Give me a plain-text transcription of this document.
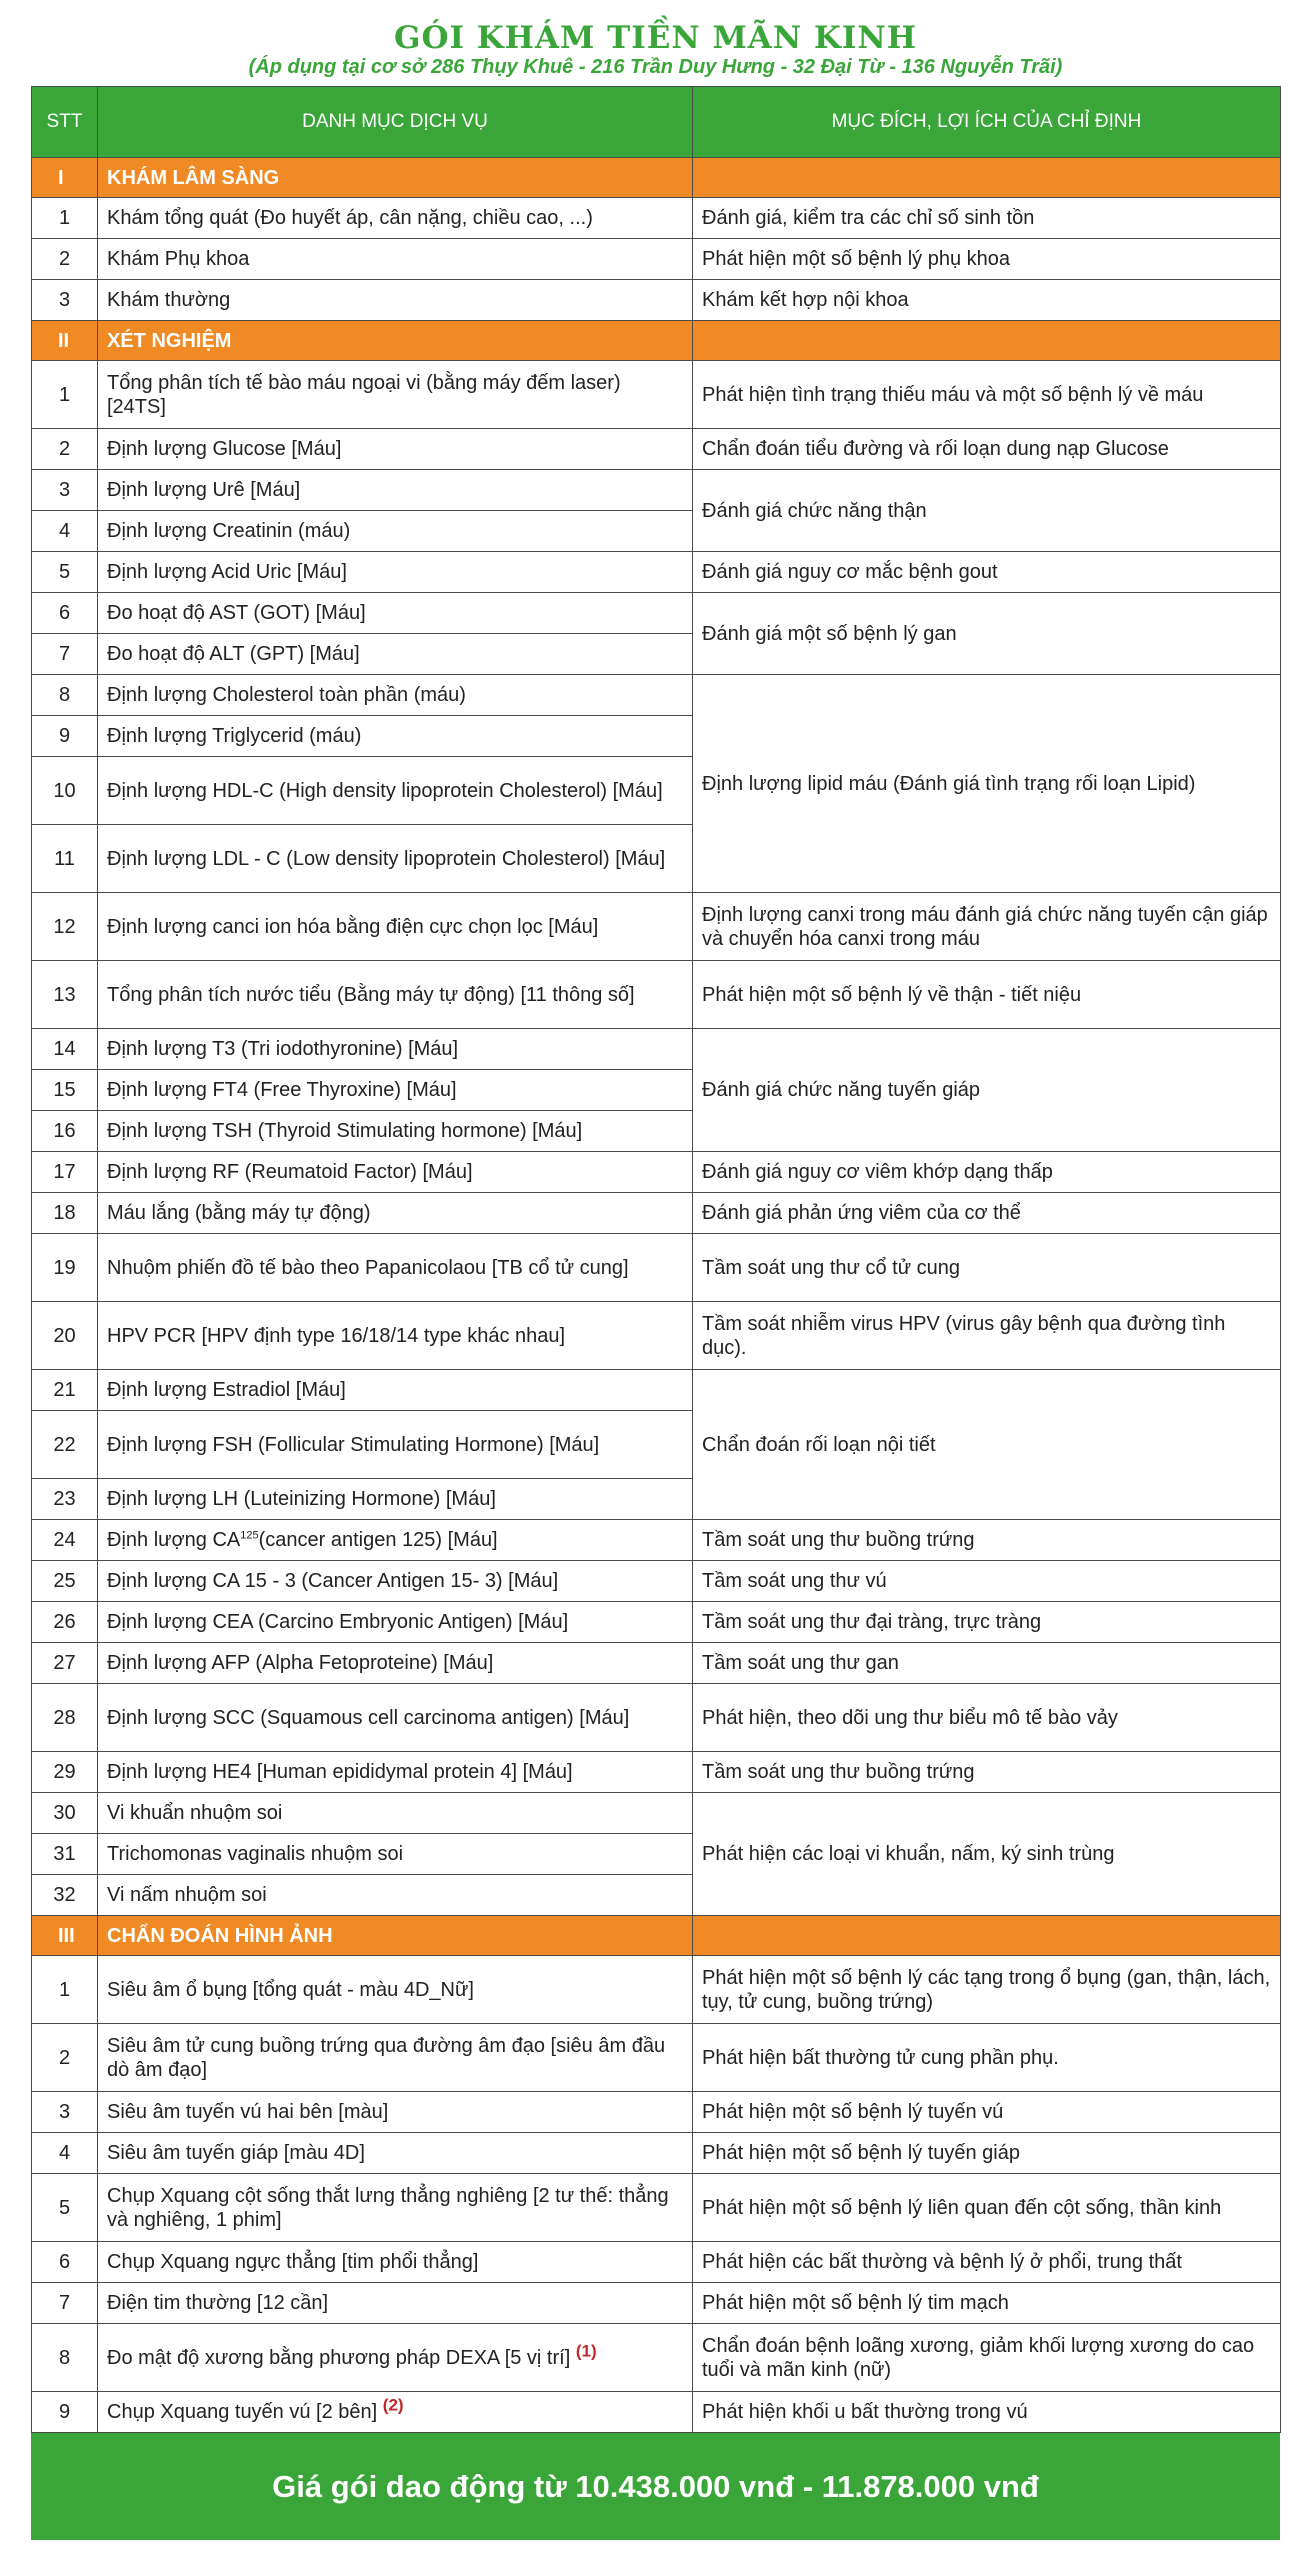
GÓI KHÁM TIỀN MÃN KINH
(Áp dụng tại cơ sở 286 Thụy Khuê - 216 Trần Duy Hưng - 32 Đại Từ - 136 Nguyễn Trãi)
STT	DANH MỤC DỊCH VỤ	MỤC ĐÍCH, LỢI ÍCH CỦA CHỈ ĐỊNH
I	KHÁM LÂM SÀNG	
1	Khám tổng quát (Đo huyết áp, cân nặng, chiều cao, ...)	Đánh giá, kiểm tra các chỉ số sinh tồn
2	Khám Phụ khoa	Phát hiện một số bệnh lý phụ khoa
3	Khám thường	Khám kết hợp nội khoa
II	XÉT NGHIỆM	
1	Tổng phân tích tế bào máu ngoại vi (bằng máy đếm laser) [24TS]	Phát hiện tình trạng thiếu máu và một số bệnh lý về máu
2	Định lượng Glucose [Máu]	Chẩn đoán tiểu đường và rối loạn dung nạp Glucose
3	Định lượng Urê [Máu]	Đánh giá chức năng thận
4	Định lượng Creatinin (máu)	
5	Định lượng Acid Uric [Máu]	Đánh giá nguy cơ mắc bệnh gout
6	Đo hoạt độ AST (GOT) [Máu]	Đánh giá một số bệnh lý gan
7	Đo hoạt độ ALT (GPT) [Máu]	
8	Định lượng Cholesterol toàn phần (máu)	Định lượng lipid máu (Đánh giá tình trạng rối loạn Lipid)
9	Định lượng Triglycerid (máu)	
10	Định lượng HDL-C (High density lipoprotein Cholesterol) [Máu]	
11	Định lượng LDL - C (Low density lipoprotein Cholesterol) [Máu]	
12	Định lượng canci ion hóa bằng điện cực chọn lọc [Máu]	Định lượng canxi trong máu đánh giá chức năng tuyến cận giáp và chuyển hóa canxi trong máu
13	Tổng phân tích nước tiểu (Bằng máy tự động) [11 thông số]	Phát hiện một số bệnh lý về thận - tiết niệu
14	Định lượng T3 (Tri iodothyronine) [Máu]	Đánh giá chức năng tuyến giáp
15	Định lượng FT4 (Free Thyroxine) [Máu]	
16	Định lượng TSH (Thyroid Stimulating hormone) [Máu]	
17	Định lượng RF (Reumatoid Factor) [Máu]	Đánh giá nguy cơ viêm khớp dạng thấp
18	Máu lắng (bằng máy tự động)	Đánh giá phản ứng viêm của cơ thể
19	Nhuộm phiến đồ tế bào theo Papanicolaou [TB cổ tử cung]	Tầm soát ung thư cổ tử cung
20	HPV PCR [HPV định type 16/18/14 type khác nhau]	Tầm soát nhiễm virus HPV (virus gây bệnh qua đường tình dục).
21	Định lượng Estradiol [Máu]	Chẩn đoán rối loạn nội tiết
22	Định lượng FSH (Follicular Stimulating Hormone) [Máu]	
23	Định lượng LH (Luteinizing Hormone) [Máu]	
24	Định lượng CA$^{125}$(cancer antigen 125) [Máu]	Tầm soát ung thư buồng trứng
25	Định lượng CA 15 - 3 (Cancer Antigen 15- 3) [Máu]	Tầm soát ung thư vú
26	Định lượng CEA (Carcino Embryonic Antigen) [Máu]	Tầm soát ung thư đại tràng, trực tràng
27	Định lượng AFP (Alpha Fetoproteine) [Máu]	Tầm soát ung thư gan
28	Định lượng SCC (Squamous cell carcinoma antigen) [Máu]	Phát hiện, theo dõi ung thư biểu mô tế bào vảy
29	Định lượng HE4 [Human epididymal protein 4] [Máu]	Tầm soát ung thư buồng trứng
30	Vi khuẩn nhuộm soi	Phát hiện các loại vi khuẩn, nấm, ký sinh trùng
31	Trichomonas vaginalis nhuộm soi	
32	Vi nấm nhuộm soi	
III	CHẨN ĐOÁN HÌNH ẢNH	
1	Siêu âm ổ bụng [tổng quát - màu 4D_Nữ]	Phát hiện một số bệnh lý các tạng trong ổ bụng (gan, thận, lách, tụy, tử cung, buồng trứng)
2	Siêu âm tử cung buồng trứng qua đường âm đạo [siêu âm đầu dò âm đạo]	Phát hiện bất thường tử cung phần phụ.
3	Siêu âm tuyến vú hai bên [màu]	Phát hiện một số bệnh lý tuyến vú
4	Siêu âm tuyến giáp [màu 4D]	Phát hiện một số bệnh lý tuyến giáp
5	Chụp Xquang cột sống thắt lưng thẳng nghiêng [2 tư thế: thẳng và nghiêng, 1 phim]	Phát hiện một số bệnh lý liên quan đến cột sống, thần kinh
6	Chụp Xquang ngực thẳng [tim phổi thẳng]	Phát hiện các bất thường và bệnh lý ở phổi, trung thất
7	Điện tim thường [12 cần]	Phát hiện một số bệnh lý tim mạch
8	Đo mật độ xương bằng phương pháp DEXA [5 vị trí] $^{(1)}$	Chẩn đoán bệnh loãng xương, giảm khối lượng xương do cao tuổi và mãn kinh (nữ)
9	Chụp Xquang tuyến vú [2 bên] $^{(2)}$	Phát hiện khối u bất thường trong vú
Giá gói dao động từ 10.438.000 vnđ - 11.878.000 vnđ
